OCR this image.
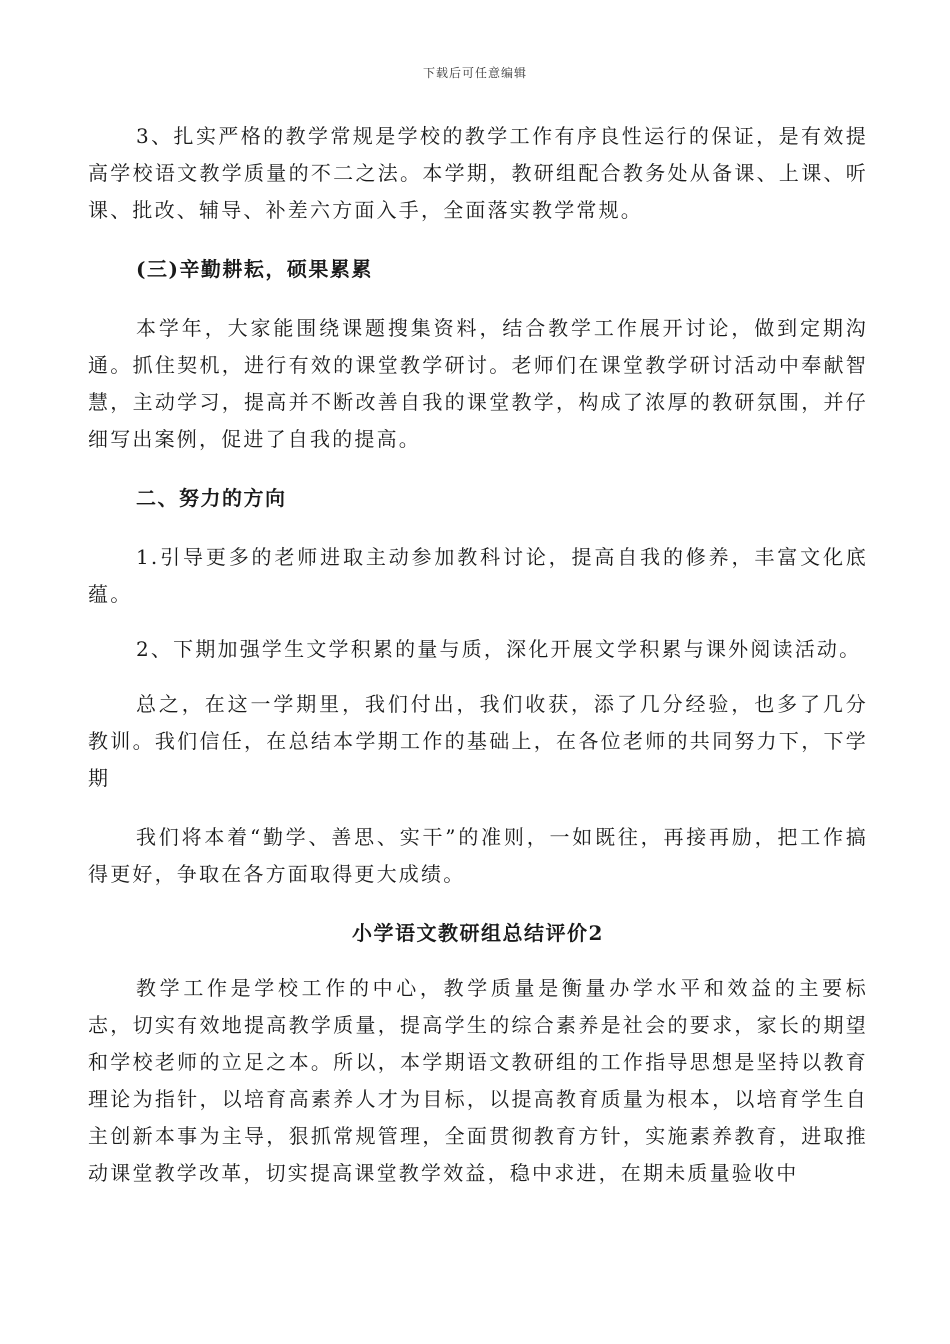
下载后可任意编辑

3、扎实严格的教学常规是学校的教学工作有序良性运行的保证，是有效提高学校语文教学质量的不二之法。本学期，教研组配合教务处从备课、上课、听课、批改、辅导、补差六方面入手，全面落实教学常规。

(三)辛勤耕耘，硕果累累

本学年，大家能围绕课题搜集资料，结合教学工作展开讨论，做到定期沟通。抓住契机，进行有效的课堂教学研讨。老师们在课堂教学研讨活动中奉献智慧，主动学习，提高并不断改善自我的课堂教学，构成了浓厚的教研氛围，并仔细写出案例，促进了自我的提高。

二、努力的方向

1.引导更多的老师进取主动参加教科讨论，提高自我的修养，丰富文化底蕴。

2、下期加强学生文学积累的量与质，深化开展文学积累与课外阅读活动。

总之，在这一学期里，我们付出，我们收获，添了几分经验，也多了几分教训。我们信任，在总结本学期工作的基础上，在各位老师的共同努力下，下学期

我们将本着“勤学、善思、实干”的准则，一如既往，再接再励，把工作搞得更好，争取在各方面取得更大成绩。

小学语文教研组总结评价2

教学工作是学校工作的中心，教学质量是衡量办学水平和效益的主要标志，切实有效地提高教学质量，提高学生的综合素养是社会的要求，家长的期望和学校老师的立足之本。所以，本学期语文教研组的工作指导思想是坚持以教育理论为指针，以培育高素养人才为目标，以提高教育质量为根本，以培育学生自主创新本事为主导，狠抓常规管理，全面贯彻教育方针，实施素养教育，进取推动课堂教学改革，切实提高课堂教学效益，稳中求进，在期未质量验收中
